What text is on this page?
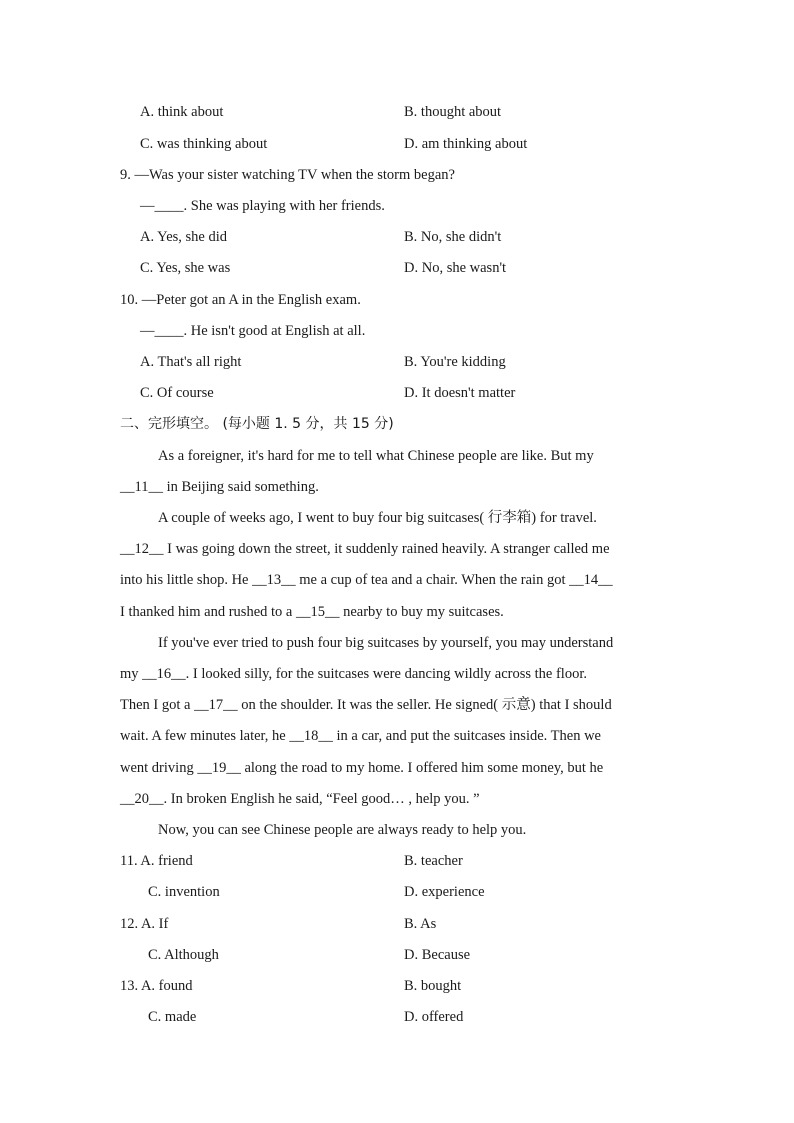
A. think about	B. thought about
C. was thinking about	D. am thinking about
9. —Was your sister watching TV when the storm began?
—____. She was playing with her friends.
A. Yes, she did	B. No, she didn't
C. Yes, she was	D. No, she wasn't
10. —Peter got an A in the English exam.
—____. He isn't good at English at all.
A. That's all right	B. You're kidding
C. Of course	D. It doesn't matter
二、完形填空。 (每小题 1. 5 分，共 15 分)
As a foreigner, it's hard for me to tell what Chinese people are like. But my
__11__ in Beijing said something.
A couple of weeks ago, I went to buy four big suitcases( 行李箱) for travel.
__12__ I was going down the street, it suddenly rained heavily. A stranger called me
into his little shop. He __13__ me a cup of tea and a chair. When the rain got __14__
I thanked him and rushed to a __15__ nearby to buy my suitcases.
If you've ever tried to push four big suitcases by yourself, you may understand
my __16__. I looked silly, for the suitcases were dancing wildly across the floor.
Then I got a __17__ on the shoulder. It was the seller. He signed( 示意) that I should
wait. A few minutes later, he __18__ in a car, and put the suitcases inside. Then we
went driving __19__ along the road to my home. I offered him some money, but he
__20__. In broken English he said, “Feel good… , help you. ”
Now, you can see Chinese people are always ready to help you.
11. A. friend	B. teacher
C. invention	D. experience
12. A. If	B. As
C. Although	D. Because
13. A. found	B. bought
C. made	D. offered
